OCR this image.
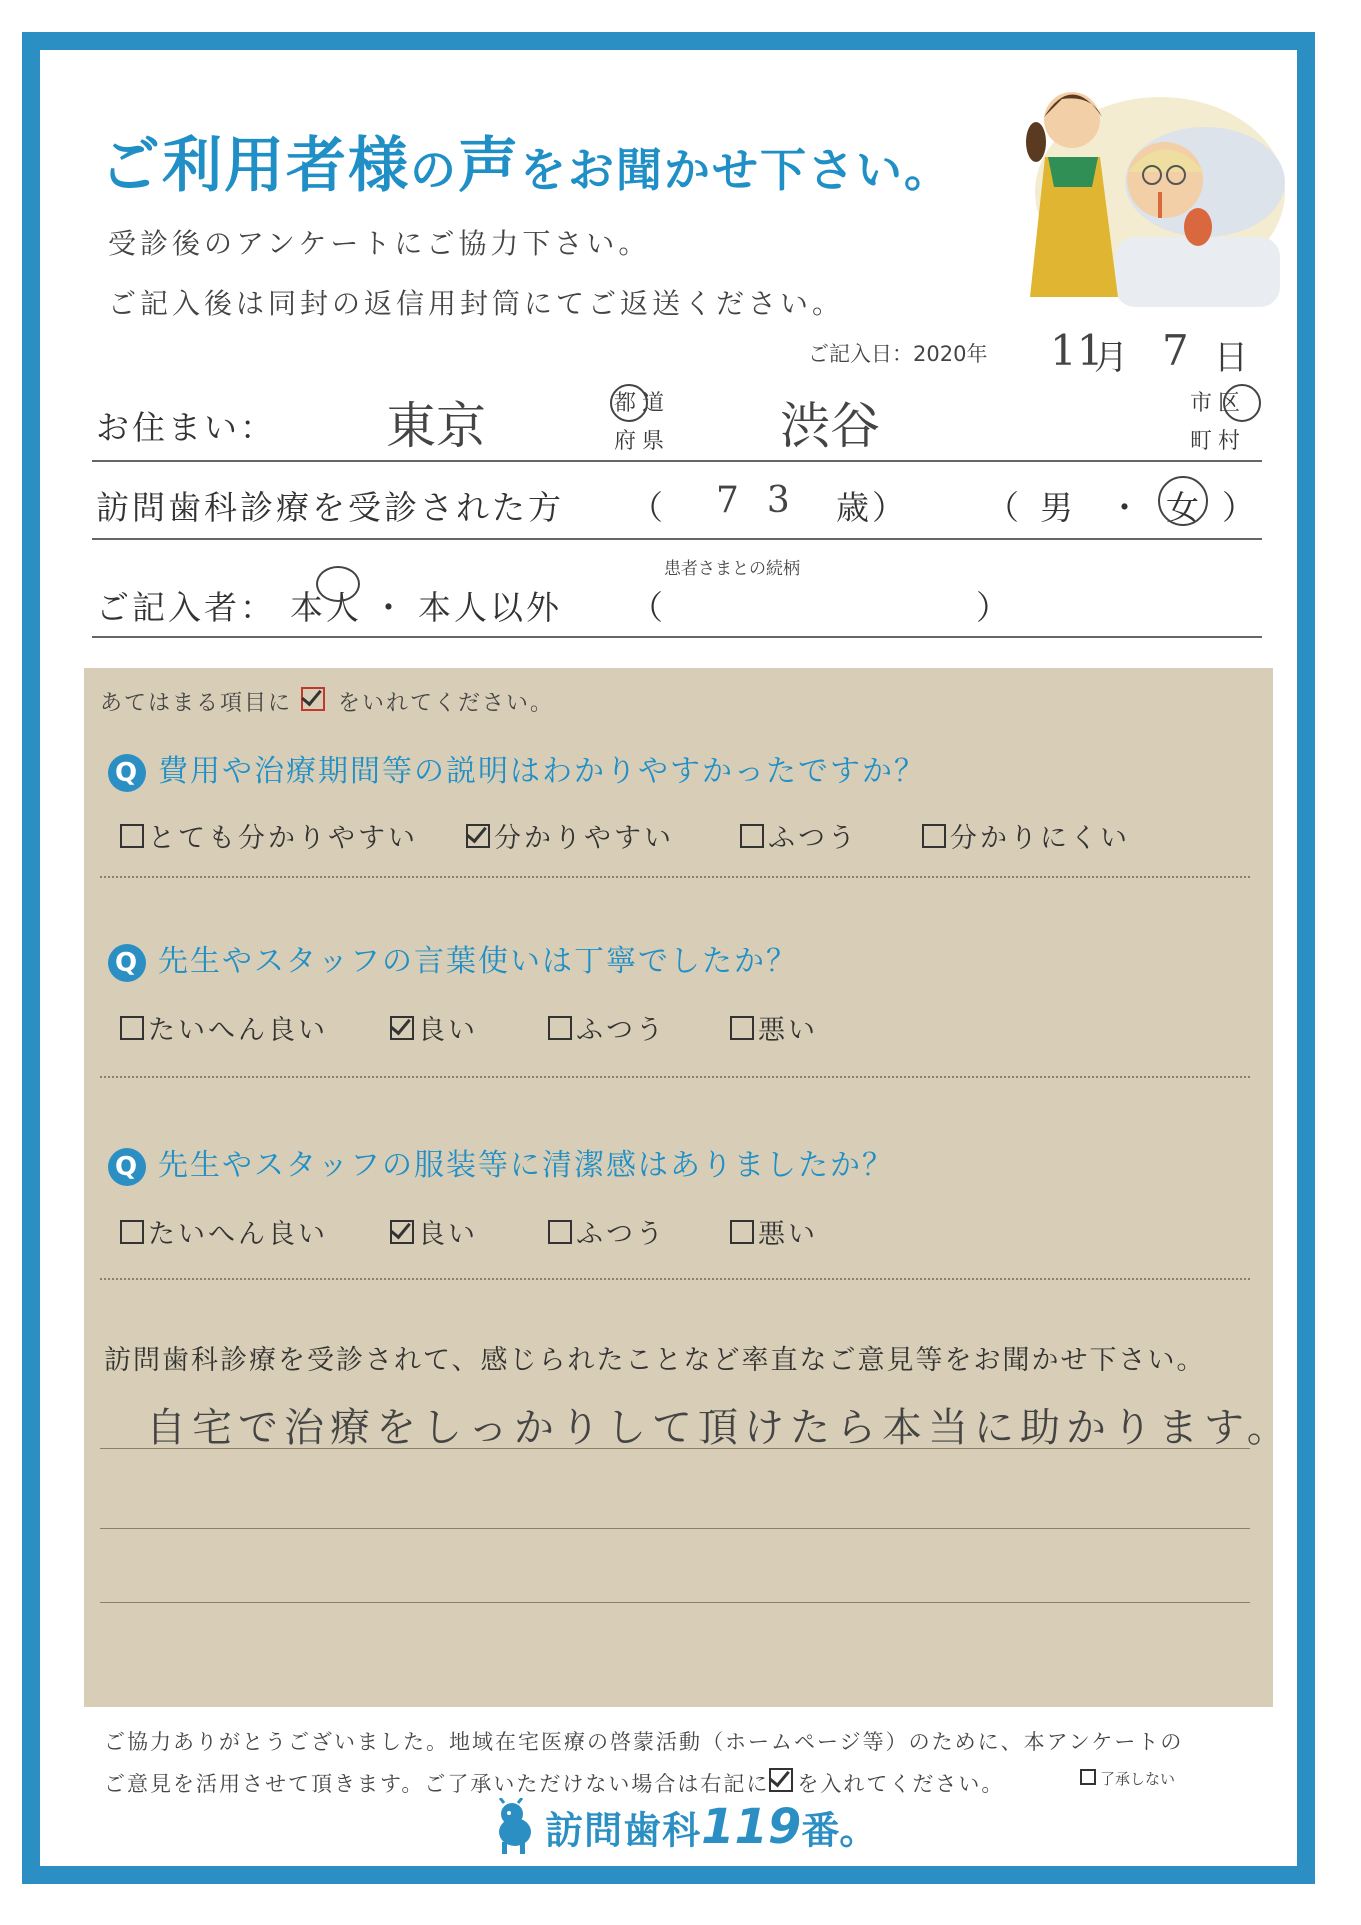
ご利用者様の声をお聞かせ下さい。
受診後のアンケートにご協力下さい。
ご記入後は同封の返信用封筒にてご返送ください。
ご記入日：2020年 11
月 7 日
お住まい： 東京	都道
府県 渋谷	市区
町村
訪問歯科診療を受診された方 （ 73 歳） （ 男 ・ 女 ）
患者さまとの続柄
ご記入者： 本人 ・ 本人以外 （	）
あてはまる項目に をいれてください。
Q 費用や治療期間等の説明はわかりやすかったですか？
とても分かりやすい	分かりやすい	ふつう	分かりにくい
Q 先生やスタッフの言葉使いは丁寧でしたか？
たいへん良い	良い	ふつう	悪い
Q 先生やスタッフの服装等に清潔感はありましたか？
たいへん良い	良い	ふつう	悪い
訪問歯科診療を受診されて、感じられたことなど率直なご意見等をお聞かせ下さい。
自宅で治療をしっかりして頂けたら本当に助かります。
ご協力ありがとうございました。地域在宅医療の啓蒙活動（ホームページ等）のために、本アンケートの
ご意見を活用させて頂きます。ご了承いただけない場合は右記に を入れてください。	了承しない
訪問歯科119番。
